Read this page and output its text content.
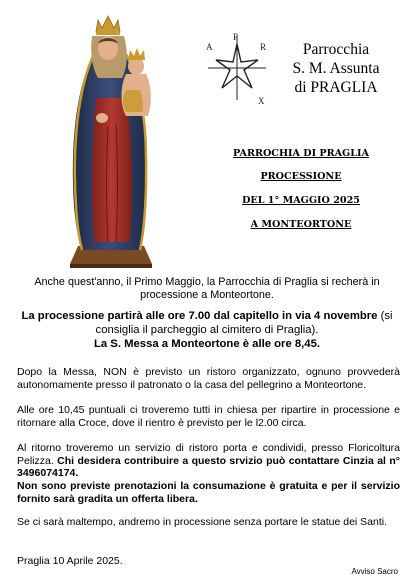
P
A	R
X
Parrocchia
S. M. Assunta
di PRAGLIA

PARROCHIA DI PRAGLIA

PROCESSIONE

DEL 1° MAGGIO 2025

A MONTEORTONE

Anche quest'anno, il Primo Maggio, la Parrocchia di Praglia si recherà in processione a Monteortone.

La processione partirà alle ore 7.00 dal capitello in via 4 novembre (si consiglia il parcheggio al cimitero di Praglia).
La S. Messa a Monteortone è alle ore 8,45.

Dopo la Messa, NON è previsto un ristoro organizzato, ognuno provvederà autonomamente presso il patronato o la casa del pellegrino a Monteortone.

Alle ore 10,45 puntuali ci troveremo tutti in chiesa per ripartire in processione e ritornare alla Croce, dove il rientro è previsto per le l2.00 circa.

Al ritorno troveremo un servizio di ristoro porta e condividi, presso Floricoltura Pelizza. Chi desidera contribuire a questo srvizio può contattare Cinzia al n° 3496074174.

Non sono previste prenotazioni la consumazione è gratuita e per il servizio fornito sarà gradita un offerta libera.

Se ci sarà maltempo, andremo in processione senza portare le statue dei Santi.

Praglia 10 Aprile 2025.

Avviso Sacro
